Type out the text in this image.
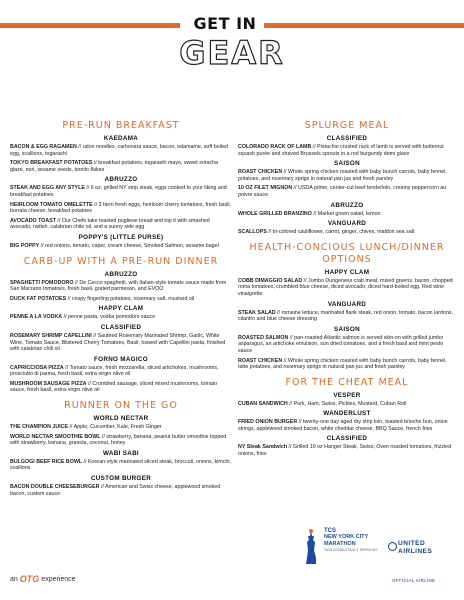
GET IN
GEAR
PRE-RUN BREAKFAST
KAEDAMA
BACON & EGG RAGAMEN // udon noodles, carbonara sauce, bacon, edamame, soft boiled egg, scallions, togarashi
TOKYO BREAKFAST POTATOES // breakfast potatoes, togarashi mayo, sweet sriracha glaze, nori, sesame seeds, bonito flakes
ABRUZZO
STEAK AND EGG ANY STYLE // 6 oz. grilled NY strip steak, eggs cooked to your liking and breakfast potatoes
HEIRLOOM TOMATO OMELETTE // 3 farm fresh eggs, heirloom cherry tomatoes, fresh basil, burrata cheese, breakfast potatoes
AVOCADO TOAST // Our Chefs take toasted pugliese bread and top it with smashed avocado, radish, calabrian chile oil, and a sunny side egg
POPPY'S (LITTLE PURSE)
BIG POPPY // red onions, tomato, caper, cream cheese, Smoked Salmon, sesame bagel
CARB-UP WITH A PRE-RUN DINNER
ABRUZZO
SPAGHETTI POMODORO // De Cecco spaghetti, with Italian-style tomato sauce made from San Marzano tomatoes, fresh basil, grated parmesan, and EVOO
DUCK FAT POTATOES // crispy fingerling potatoes, rosemary salt, mustard oil
HAPPY CLAM
PENNE A LA VODKA // penne pasta, vodka pomodoro sauce
CLASSIFIED
ROSEMARY SHRIMP CAPELLINI // Sautéed Rosemary Marinated Shrimp, Garlic, White Wine, Tomato Sauce, Blistered Cherry Tomatoes, Basil, tossed with Capellini pasta, finished with calabrian chili oil
FORNO MAGICO
CAPRICCIOSA PIZZA // Tomato sauce, fresh mozzarella, sliced artichokes, mushrooms, prosciutto di parma, fresh basil, extra-virgin olive oil
MUSHROOM SAUSAGE PIZZA // Crumbled sausage, sliced mixed mushrooms, tomato sauce, fresh basil, extra-virgin olive oil
RUNNER ON THE GO
WORLD NECTAR
THE CHAMPION JUICE // Apple, Cucumber, Kale, Fresh Ginger
WORLD NECTAR SMOOTHIE BOWL // strawberry, banana, peanut butter smoothie topped with strawberry, banana, granola, coconut, honey
WABI SABI
BULGOGI BEEF RICE BOWL // Korean-style marinated sliced steak, broccoli, onions, kimchi, scallions
CUSTOM BURGER
BACON DOUBLE CHEESEBURGER // American and Swiss cheese, applewood smoked bacon, custom sauce
SPLURGE MEAL
CLASSIFIED
COLORADO RACK OF LAMB // Pistachio crusted rack of lamb is served with butternut squash purée and shaved Brussels sprouts in a red burgundy demi glace
SAISON
ROAST CHICKEN // Whole spring chicken roasted with baby bunch carrots, baby fennel, potatoes, and rosemary sprigs in natural pan jus and fresh parsley
10 OZ FILET MIGNON // USDA prime, center-cut beef tenderloin, creamy peppercorn au poivre sauce
ABRUZZO
WHOLE GRILLED BRANZINO // Market green salad, lemon
VANGUARD
SCALLOPS // tri-colored cauliflower, carrot, ginger, chives, maldon sea salt
HEALTH-CONCIOUS LUNCH/DINNER OPTIONS
HAPPY CLAM
COBB DIMAGGIO SALAD // Jumbo Dungeness crab meat, mixed greens, bacon, chopped roma tomatoes, crumbled blue cheese, diced avocado, diced hard-boiled egg. Red wine vinaigrette
VANGUARD
STEAK SALAD // romaine lettuce, marinated flank steak, red onion, tomato, bacon lardons, cilantro and blue cheese dressing
SAISON
ROASTED SALMON // pan-roasted Atlantic salmon is served skin-on with grilled jumbo asparagus, an artichoke emulsion, sun dried tomatoes, and a fresh basil and mint pesto sauce
ROAST CHICKEN // Whole spring chicken roasted with baby bunch carrots, baby fennel, tatte potatoes, and rosemary sprigs in natural pan jus and fresh parsley
FOR THE CHEAT MEAL
VESPER
CUBAN SANDWICH // Pork, Ham, Swiss, Pickles, Mustard, Cuban Roll
WANDERLUST
FRIED ONION BURGER // twenty-one day aged dry strip loin, toasted brioche bun, onion strings, applewood smoked bacon, white cheddar cheese, BBQ Sauce, french fries
CLASSIFIED
NY Steak Sandwich // Grilled 10 oz Hanger Steak, Swiss, Oven roasted tomatoes, frizzled onions, fries
an OTG experience
TCS
NEW YORK CITY
MARATHON
TATA CONSULTANCY SERVICES
UNITED
AIRLINES
OFFICIAL AIRLINE
